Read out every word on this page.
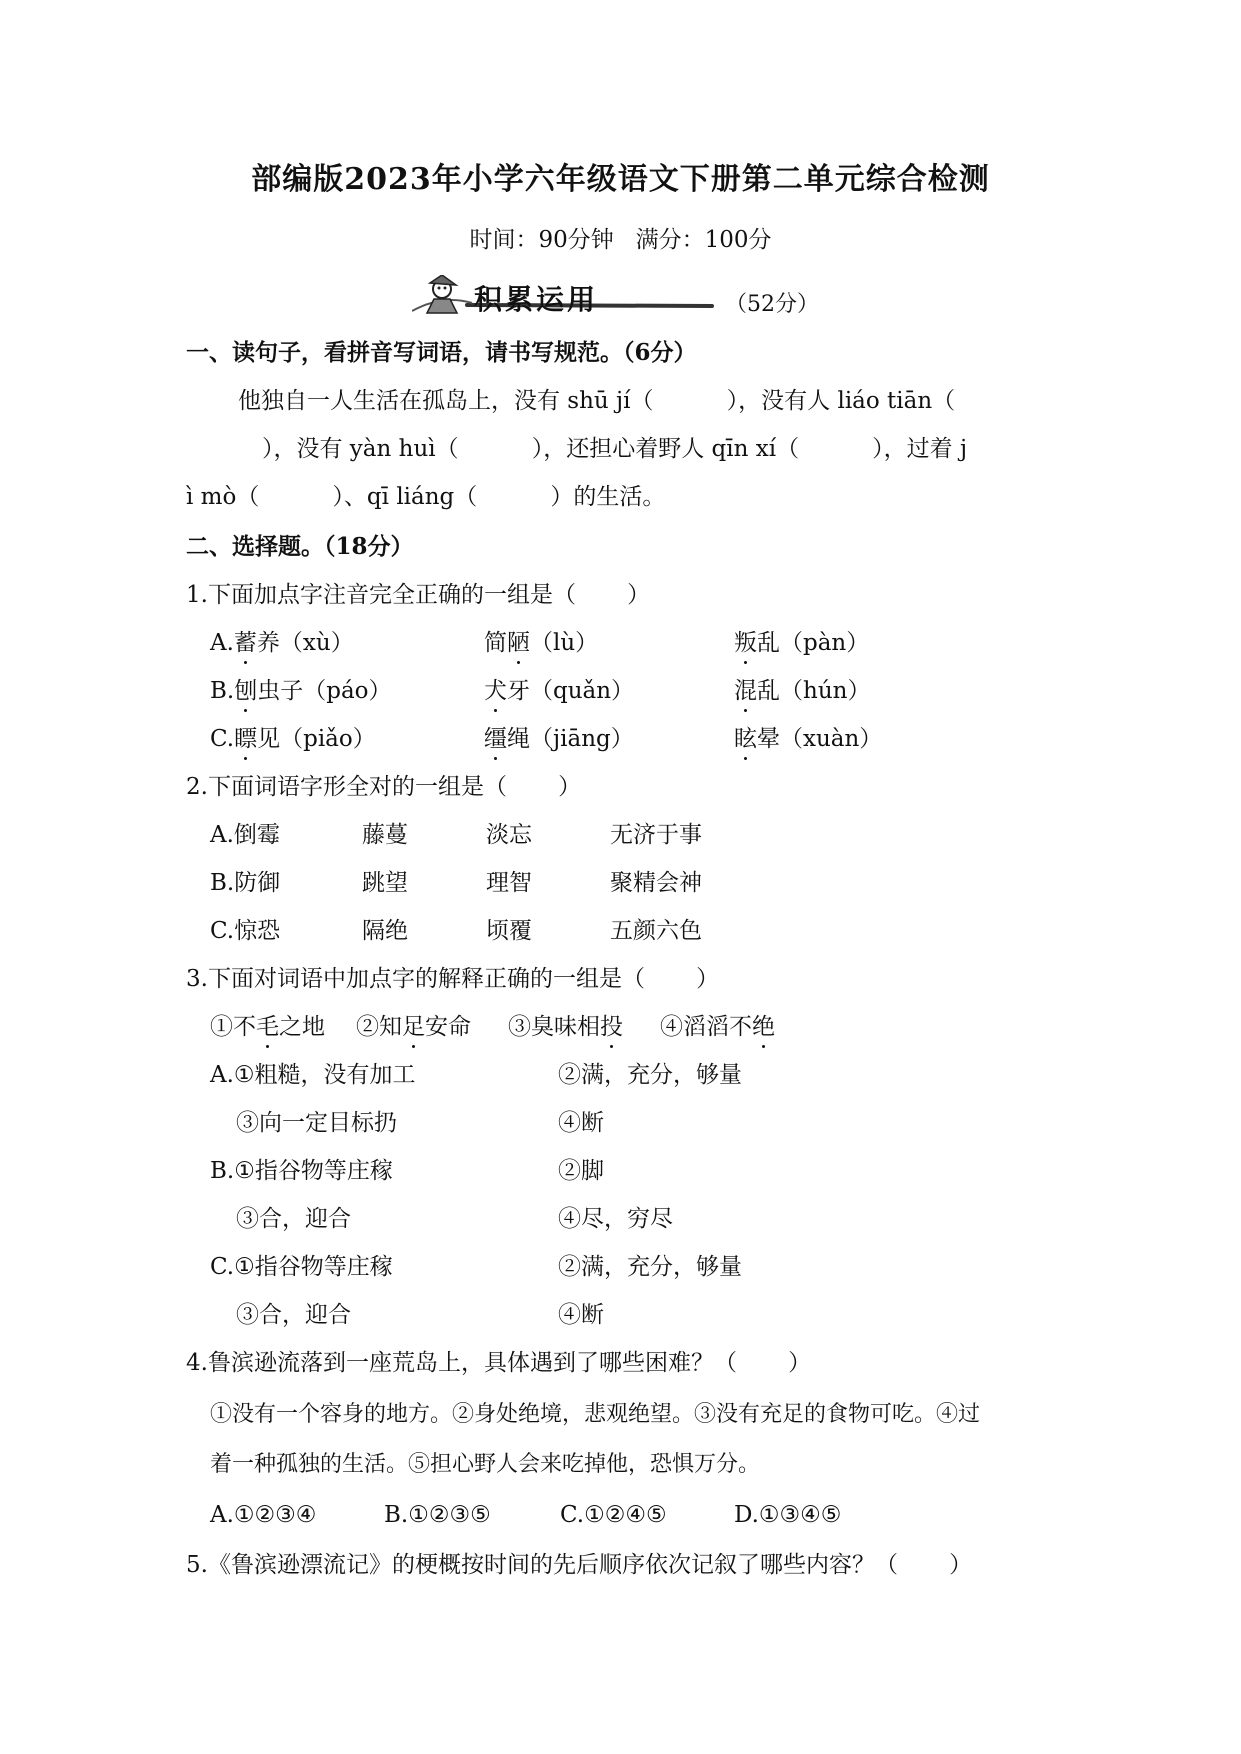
部编版2023年小学六年级语文下册第二单元综合检测
时间：90分钟   满分：100分
积累运用	（52分）
一、读句子，看拼音写词语，请书写规范。（6分）
他独自一人生活在孤岛上，没有 shū jí（          ），没有人 liáo tiān（
），没有 yàn huì（          ），还担心着野人 qīn xí（          ），过着 j
ì mò（          ）、qī liáng（          ）的生活。
二、选择题。（18分）
1.下面加点字注音完全正确的一组是（       ）
A.蓄养（xù）	简陋（lù）	叛乱（pàn）
B.刨虫子（páo）	犬牙（quǎn）	混乱（hún）
C.瞟见（piǎo）	缰绳（jiāng）	眩晕（xuàn）
2.下面词语字形全对的一组是（       ）
A.倒霉	藤蔓	淡忘	无济于事
B.防御	跳望	理智	聚精会神
C.惊恐	隔绝	顷覆	五颜六色
3.下面对词语中加点字的解释正确的一组是（       ）
①不毛之地 ②知足安命 ③臭味相投 ④滔滔不绝
A.①粗糙，没有加工	②满，充分，够量
③向一定目标扔	④断
B.①指谷物等庄稼	②脚
③合，迎合	④尽，穷尽
C.①指谷物等庄稼	②满，充分，够量
③合，迎合	④断
4.鲁滨逊流落到一座荒岛上，具体遇到了哪些困难？（       ）
①没有一个容身的地方。②身处绝境，悲观绝望。③没有充足的食物可吃。④过
着一种孤独的生活。⑤担心野人会来吃掉他，恐惧万分。
A.①②③④	B.①②③⑤	C.①②④⑤	D.①③④⑤
5.《鲁滨逊漂流记》的梗概按时间的先后顺序依次记叙了哪些内容？（       ）
